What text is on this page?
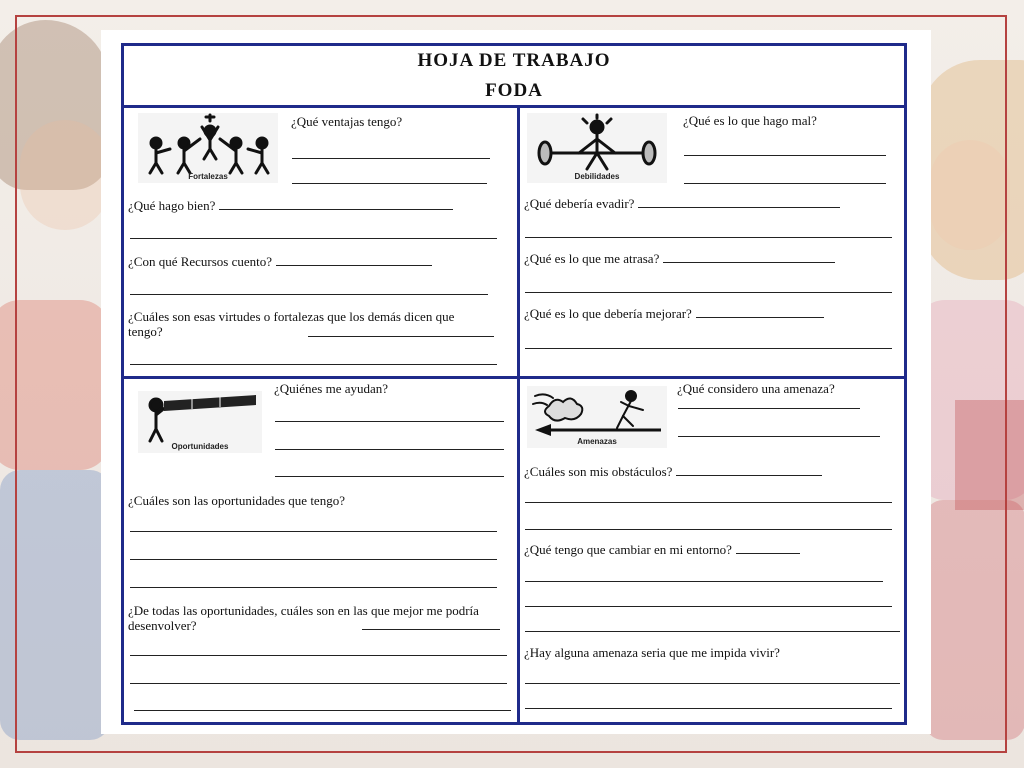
HOJA DE TRABAJO
FODA
Fortalezas
¿Qué ventajas tengo?
¿Qué hago bien?
¿Con qué Recursos cuento?
¿Cuáles son esas virtudes o fortalezas que los demás dicen que tengo?
Debilidades
¿Qué es lo que hago mal?
¿Qué debería evadir?
¿Qué es lo que me atrasa?
¿Qué es lo que debería mejorar?
Oportunidades
¿Quiénes me ayudan?
¿Cuáles son las oportunidades que tengo?
¿De todas las oportunidades, cuáles son en las que mejor me podría desenvolver?
Amenazas
¿Qué considero una amenaza?
¿Cuáles son mis obstáculos?
¿Qué tengo que cambiar en mi entorno?
¿Hay alguna amenaza seria que me impida vivir?
